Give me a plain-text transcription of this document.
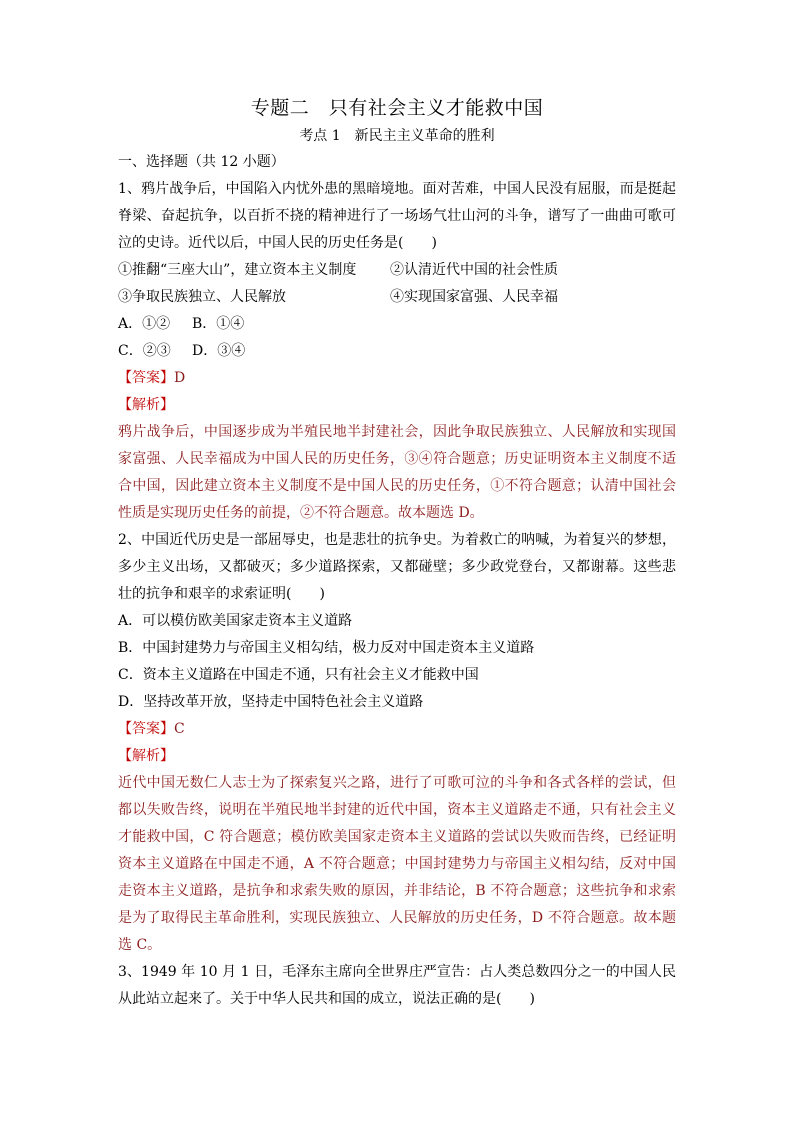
专题二　只有社会主义才能救中国

考点 1　新民主主义革命的胜利

一、选择题（共 12 小题）

1、鸦片战争后，中国陷入内忧外患的黑暗境地。面对苦难，中国人民没有屈服，而是挺起脊梁、奋起抗争，以百折不挠的精神进行了一场场气壮山河的斗争，谱写了一曲曲可歌可泣的史诗。近代以后，中国人民的历史任务是(　　)

①推翻“三座大山”，建立资本主义制度	②认清近代中国的社会性质
③争取民族独立、人民解放	④实现国家富强、人民幸福
A．①②	B．①④
C．②③	D．③④

【答案】D

【解析】

鸦片战争后，中国逐步成为半殖民地半封建社会，因此争取民族独立、人民解放和实现国家富强、人民幸福成为中国人民的历史任务，③④符合题意；历史证明资本主义制度不适合中国，因此建立资本主义制度不是中国人民的历史任务，①不符合题意；认清中国社会性质是实现历史任务的前提，②不符合题意。故本题选 D。

2、中国近代历史是一部屈辱史，也是悲壮的抗争史。为着救亡的呐喊，为着复兴的梦想，多少主义出场，又都破灭；多少道路探索，又都碰壁；多少政党登台，又都谢幕。这些悲壮的抗争和艰辛的求索证明(　　)

A．可以模仿欧美国家走资本主义道路

B．中国封建势力与帝国主义相勾结，极力反对中国走资本主义道路

C．资本主义道路在中国走不通，只有社会主义才能救中国

D．坚持改革开放，坚持走中国特色社会主义道路

【答案】C

【解析】

近代中国无数仁人志士为了探索复兴之路，进行了可歌可泣的斗争和各式各样的尝试，但都以失败告终，说明在半殖民地半封建的近代中国，资本主义道路走不通，只有社会主义才能救中国，C 符合题意；模仿欧美国家走资本主义道路的尝试以失败而告终，已经证明资本主义道路在中国走不通，A 不符合题意；中国封建势力与帝国主义相勾结，反对中国走资本主义道路，是抗争和求索失败的原因，并非结论，B 不符合题意；这些抗争和求索是为了取得民主革命胜利，实现民族独立、人民解放的历史任务，D 不符合题意。故本题选 C。

3、1949 年 10 月 1 日，毛泽东主席向全世界庄严宣告：占人类总数四分之一的中国人民从此站立起来了。关于中华人民共和国的成立，说法正确的是(　　)
